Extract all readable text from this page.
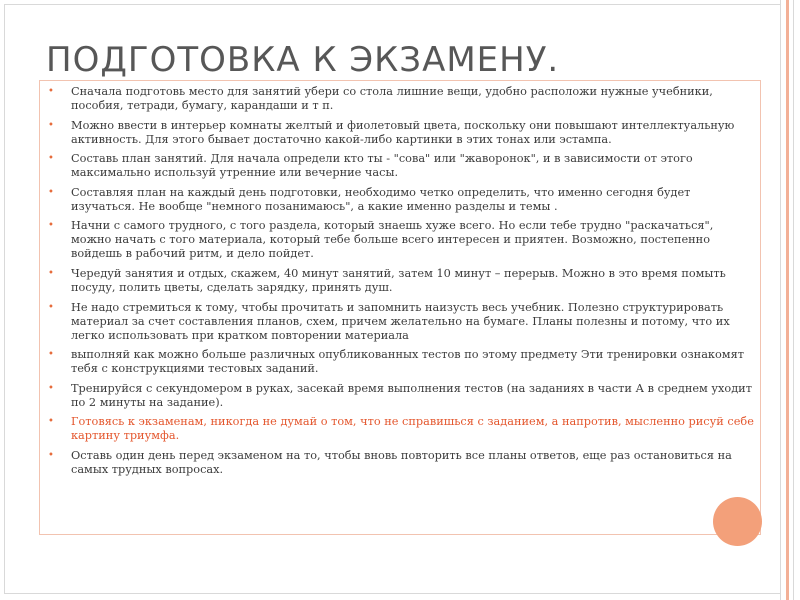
ПОДГОТОВКА К ЭКЗАМЕНУ.
• Сначала подготовь место для занятий убери со стола лишние вещи, удобно расположи нужные учебники, пособия, тетради, бумагу, карандаши и т п.
• Можно ввести в интерьер комнаты желтый и фиолетовый цвета, поскольку они повышают интеллектуальную активность. Для этого бывает достаточно какой-либо картинки в этих тонах или эстампа.
• Составь план занятий. Для начала определи кто ты - "сова" или "жаворонок", и в зависимости от этого максимально используй утренние или вечерние часы.
• Составляя план на каждый день подготовки, необходимо четко определить, что именно сегодня будет изучаться. Не вообще "немного позанимаюсь", а какие именно разделы и темы .
• Начни с самого трудного, с того раздела, который знаешь хуже всего. Но если тебе трудно "раскачаться", можно начать с того материала, который тебе больше всего интересен и приятен. Возможно, постепенно войдешь в рабочий ритм, и дело пойдет.
• Чередуй занятия и отдых, скажем, 40 минут занятий, затем 10 минут – перерыв. Можно в это время помыть посуду, полить цветы, сделать зарядку, принять душ.
• Не надо стремиться к тому, чтобы прочитать и запомнить наизусть весь учебник. Полезно структурировать материал за счет составления планов, схем, причем желательно на бумаге. Планы полезны и потому, что их легко использовать при кратком повторении материала
• выполняй как можно больше различных опубликованных тестов по этому предмету Эти тренировки ознакомят тебя с конструкциями тестовых заданий.
• Тренируйся с секундомером в руках, засекай время выполнения тестов (на заданиях в части А в среднем уходит по 2 минуты на задание).
• Готовясь к экзаменам, никогда не думай о том, что не справишься с заданием, а напротив, мысленно рисуй себе картину триумфа.
• Оставь один день перед экзаменом на то, чтобы вновь повторить все планы ответов, еще раз остановиться на самых трудных вопросах.
